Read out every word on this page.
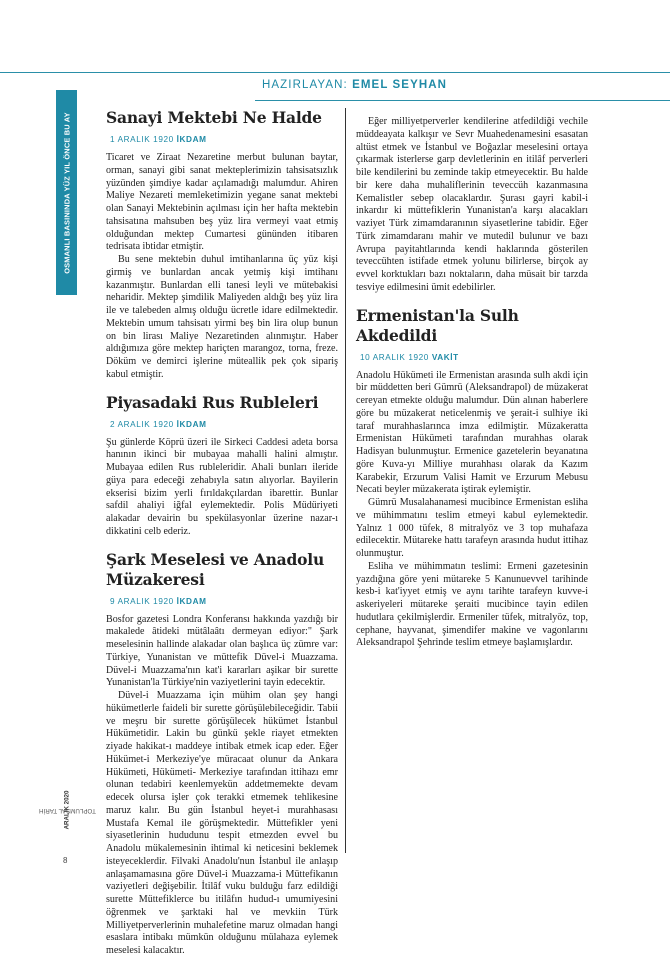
HAZIRLAYAN: EMEL SEYHAN
OSMANLI BASININDA YÜZ YIL ÖNCE BU AY
TOPLUMSAL TARİH
ARALIK 2020
8
Sanayi Mektebi Ne Halde
1 ARALIK 1920 İKDAM

Ticaret ve Ziraat Nezaretine merbut bulunan baytar, orman, sanayi gibi sanat mekteplerimizin tahsisatsızlık yüzünden şimdiye kadar açılamadığı malumdur. Ahiren Maliye Nezareti memleketimizin yegane sanat mektebi olan Sanayi Mektebinin açılması için her hafta mektebin tahsisatına mahsuben beş yüz lira vermeyi vaat etmiş olduğundan mektep Cumartesi gününden itibaren tedrisata ibtidar etmiştir.

Bu sene mektebin duhul imtihanlarına üç yüz kişi girmiş ve bunlardan ancak yetmiş kişi imtihanı kazanmıştır. Bunlardan elli tanesi leyli ve mütebakisi neharidir. Mektep şimdilik Maliyeden aldığı beş yüz lira ile ve talebeden almış olduğu ücretle idare edilmektedir. Mektebin umum tahsisatı yirmi beş bin lira olup bunun on bin lirası Maliye Nezaretinden alınmıştır. Haber aldığımıza göre mektep hariçten marangoz, torna, freze. Döküm ve demirci işlerine müteallik pek çok sipariş kabul etmiştir.

Piyasadaki Rus Rubleleri
2 ARALIK 1920 İKDAM

Şu günlerde Köprü üzeri ile Sirkeci Caddesi adeta borsa hanının ikinci bir mubayaa mahalli halini almıştır. Mubayaa edilen Rus rubleleridir. Ahali bunları ileride güya para edeceği zehabıyla satın alıyorlar. Bayilerin ekserisi bizim yerli fırıldakçılardan ibarettir. Bunlar safdil ahaliyi iğfal eylemektedir. Polis Müdüriyeti alakadar devairin bu spekülasyonlar üzerine nazar-ı dikkatini celb ederiz.

Şark Meselesi ve Anadolu Müzakeresi
9 ARALIK 1920 İKDAM

Bosfor gazetesi Londra Konferansı hakkında yazdığı bir makalede âtideki mütâlaâtı dermeyan ediyor:" Şark meselesinin hallinde alakadar olan başlıca üç zümre var: Türkiye, Yunanistan ve müttefik Düvel-i Muazzama. Düvel-i Muazzama'nın kat'i kararları aşikar bir surette Yunanistan'la Türkiye'nin vaziyetlerini tayin edecektir.

Düvel-i Muazzama için mühim olan şey hangi hükümetlerle faideli bir surette görüşülebileceğidir. Tabii ve meşru bir surette görüşülecek hükümet İstanbul Hükümetidir. Lakin bu günkü şekle riayet etmekten ziyade hakikat-ı maddeye intibak etmek icap eder. Eğer Hükümet-i Merkeziye'ye müracaat olunur da Ankara Hükümeti, Hükümeti- Merkeziye tarafından ittihazı emr olunan tedabiri keenlemyekün addetmemekte devam edecek olursa işler çok terakki etmemek tehlikesine maruz kalır. Bu gün İstanbul heyet-i murahhasası Mustafa Kemal ile görüşmektedir. Müttefikler yeni siyasetlerinin hududunu tespit etmezden evvel bu Anadolu mükalemesinin ihtimal ki neticesini beklemek isteyeceklerdir. Filvaki Anadolu'nun İstanbul ile anlaşıp anlaşamamasına göre Düvel-i Muazzama-i Müttefikanın vaziyetleri değişebilir. İtilâf vuku bulduğu farz edildiği surette Müttefiklerce bu itilâfın hudud-ı umumiyesini öğrenmek ve şarktaki hal ve mevkiin Türk Milliyetperverlerinin muhalefetine maruz olmadan hangi esaslara intibakı mümkün olduğunu mülahaza eylemek meselesi kalacaktır.

Eğer milliyetperverler kendilerine atfedildiği vechile müddeayata kalkışır ve Sevr Muahedenamesini esasatan altüst etmek ve İstanbul ve Boğazlar meselesini ortaya çıkarmak isterlerse garp devletlerinin en itilâf perverleri bile kendilerini bu zeminde takip etmeyecektir. Bu halde bir kere daha muhaliflerinin teveccüh kazanmasına Kemalistler sebep olacaklardır. Şurası gayri kabil-i inkardır ki müttefiklerin Yunanistan'a karşı alacakları vaziyet Türk zimamdaranının siyasetlerine tabidir. Eğer Türk zimamdaranı mahir ve mutedil bulunur ve bazı Avrupa payitahtlarında kendi haklarında gösterilen teveccühten istifade etmek yolunu bilirlerse, birçok ay evvel korktukları bazı noktaların, daha müsait bir tarzda tesviye edilmesini ümit edebilirler.

Ermenistan'la Sulh Akdedildi
10 ARALIK 1920 VAKİT

Anadolu Hükümeti ile Ermenistan arasında sulh akdi için bir müddetten beri Gümrü (Aleksandrapol) de müzakerat cereyan etmekte olduğu malumdur. Dün alınan haberlere göre bu müzakerat neticelenmiş ve şerait-i sulhiye iki taraf murahhaslarınca imza edilmiştir. Müzakeratta Ermenistan Hükümeti tarafından murahhas olarak Hadisyan bulunmuştur. Ermenice gazetelerin beyanatına göre Kuva-yı Milliye murahhası olarak da Kazım Karabekir, Erzurum Valisi Hamit ve Erzurum Mebusu Necati beyler müzakerata iştirak eylemiştir.

Gümrü Musalahanamesi mucibince Ermenistan esliha ve mühimmatını teslim etmeyi kabul eylemektedir. Yalnız 1 000 tüfek, 8 mitralyöz ve 3 top muhafaza edilecektir. Mütareke hattı tarafeyn arasında hudut ittihaz olunmuştur.

Esliha ve mühimmatın teslimi: Ermeni gazetesinin yazdığına göre yeni mütareke 5 Kanunuevvel tarihinde kesb-i kat'iyyet etmiş ve aynı tarihte tarafeyn kuvve-i askeriyeleri mütareke şeraiti mucibince tayin edilen hudutlara çekilmişlerdir. Ermeniler tüfek, mitralyöz, top, cephane, hayvanat, şimendifer makine ve vagonlarını Aleksandrapol Şehrinde teslim etmeye başlamışlardır.
